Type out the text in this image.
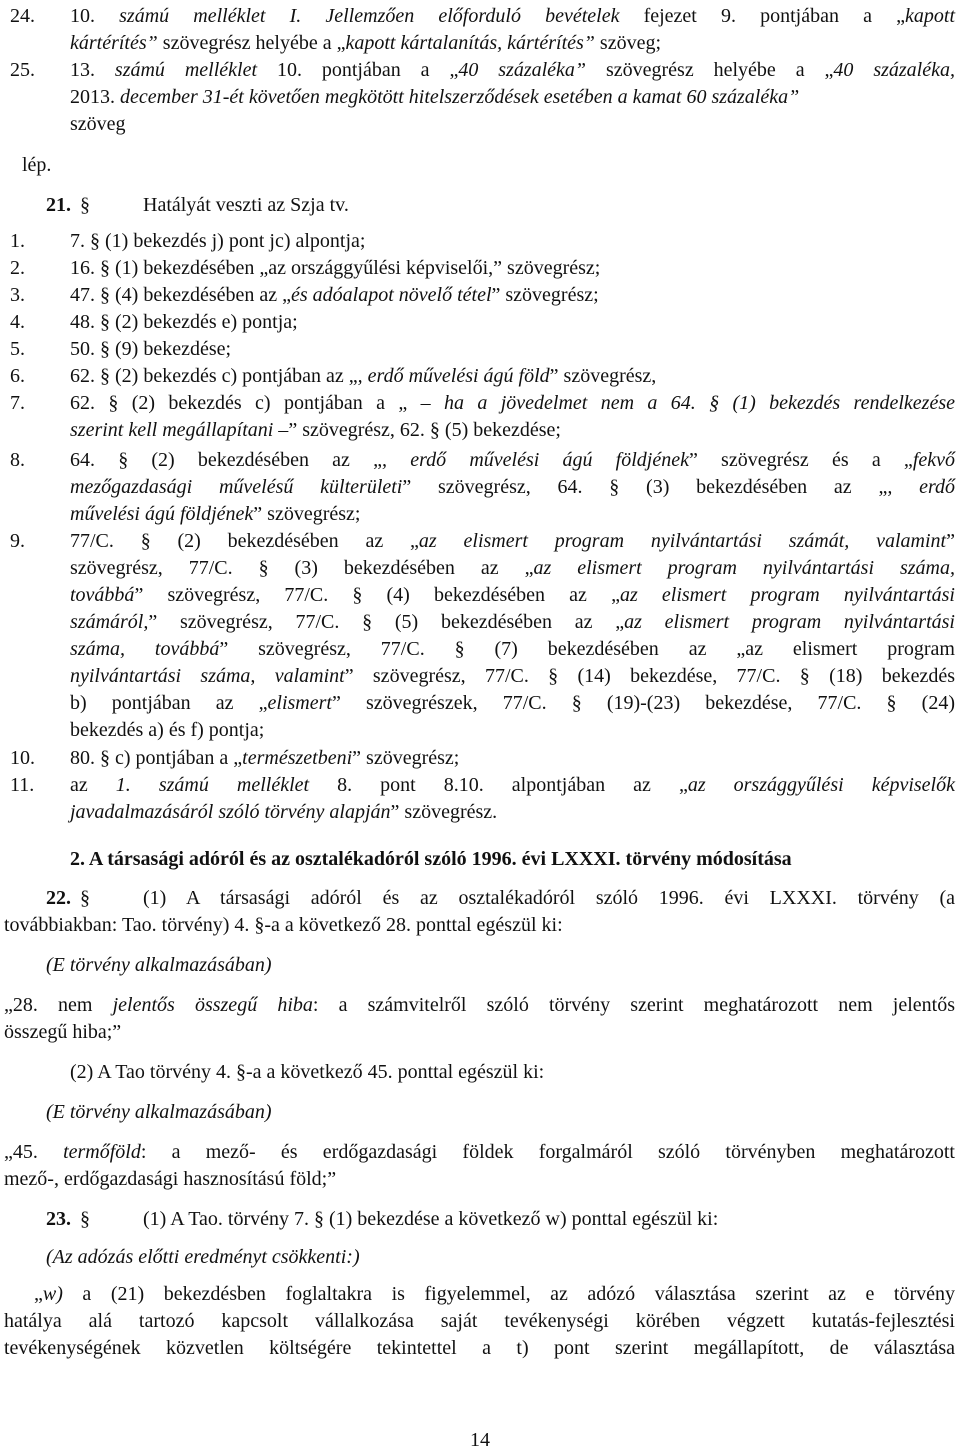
24. 10. számú melléklet I. Jellemzően előforduló bevételek fejezet 9. pontjában a „kapott
kártérítés” szövegrész helyébe a „kapott kártalanítás, kártérítés” szöveg;
25. 13. számú melléklet 10. pontjában a „40 százaléka” szövegrész helyébe a „40 százaléka,
2013. december 31-ét követően megkötött hitelszerződések esetében a kamat 60 százaléka”
szöveg
lép.
21. §	Hatályát veszti az Szja tv.
1. 7. § (1) bekezdés j) pont jc) alpontja;
2. 16. § (1) bekezdésében „az országgyűlési képviselői,” szövegrész;
3. 47. § (4) bekezdésében az „és adóalapot növelő tétel” szövegrész;
4. 48. § (2) bekezdés e) pontja;
5. 50. § (9) bekezdése;
6. 62. § (2) bekezdés c) pontjában az „, erdő művelési ágú föld” szövegrész,
7. 62. § (2) bekezdés c) pontjában a „ – ha a jövedelmet nem a 64. § (1) bekezdés rendelkezése
szerint kell megállapítani –” szövegrész, 62. § (5) bekezdése;
8. 64. § (2) bekezdésében az „, erdő művelési ágú földjének” szövegrész és a „fekvő
mezőgazdasági művelésű külterületi” szövegrész, 64. § (3) bekezdésében az „, erdő
művelési ágú földjének” szövegrész;
9. 77/C. § (2) bekezdésében az „az elismert program nyilvántartási számát, valamint”
szövegrész, 77/C. § (3) bekezdésében az „az elismert program nyilvántartási száma,
továbbá” szövegrész, 77/C. § (4) bekezdésében az „az elismert program nyilvántartási
számáról,” szövegrész, 77/C. § (5) bekezdésében az „az elismert program nyilvántartási
száma, továbbá” szövegrész, 77/C. § (7) bekezdésében az „az elismert program
nyilvántartási száma, valamint” szövegrész, 77/C. § (14) bekezdése, 77/C. § (18) bekezdés
b) pontjában az „elismert” szövegrészek, 77/C. § (19)-(23) bekezdése, 77/C. § (24)
bekezdés a) és f) pontja;
10. 80. § c) pontjában a „természetbeni” szövegrész;
11. az 1. számú melléklet 8. pont 8.10. alpontjában az „az országgyűlési képviselők
javadalmazásáról szóló törvény alapján” szövegrész.
2. A társasági adóról és az osztalékadóról szóló 1996. évi LXXXI. törvény módosítása
22. §	(1) A társasági adóról és az osztalékadóról szóló 1996. évi LXXXI. törvény (a
továbbiakban: Tao. törvény) 4. §-a a következő 28. ponttal egészül ki:
(E törvény alkalmazásában)
„28. nem jelentős összegű hiba: a számvitelről szóló törvény szerint meghatározott nem jelentős
összegű hiba;”
(2) A Tao törvény 4. §-a a következő 45. ponttal egészül ki:
(E törvény alkalmazásában)
„45. termőföld: a mező- és erdőgazdasági földek forgalmáról szóló törvényben meghatározott
mező-, erdőgazdasági hasznosítású föld;”
23. §	(1) A Tao. törvény 7. § (1) bekezdése a következő w) ponttal egészül ki:
(Az adózás előtti eredményt csökkenti:)
„w) a (21) bekezdésben foglaltakra is figyelemmel, az adózó választása szerint az e törvény
hatálya alá tartozó kapcsolt vállalkozása saját tevékenységi körében végzett kutatás-fejlesztési
tevékenységének közvetlen költségére tekintettel a t) pont szerint megállapított, de választása
14
